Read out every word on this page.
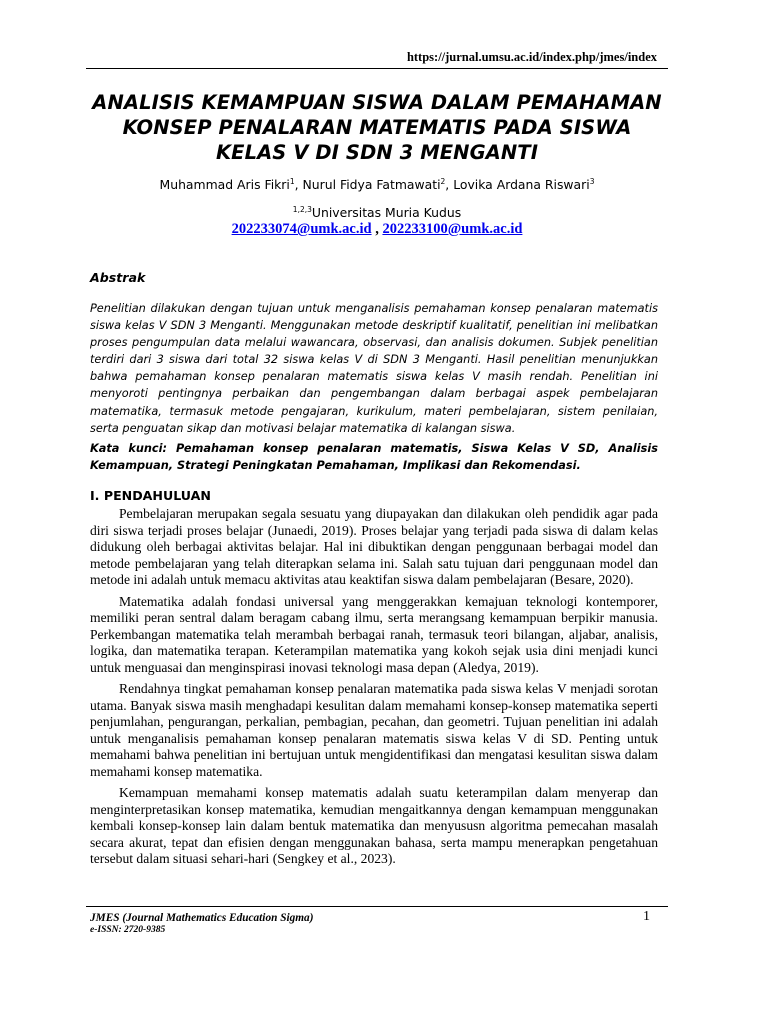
https://jurnal.umsu.ac.id/index.php/jmes/index
ANALISIS KEMAMPUAN SISWA DALAM PEMAHAMAN KONSEP PENALARAN MATEMATIS PADA SISWA KELAS V DI SDN 3 MENGANTI
Muhammad Aris Fikri$^1$, Nurul Fidya Fatmawati$^2$, Lovika Ardana Riswari$^3$
$^{1,2,3}$Universitas Muria Kudus
202233074@umk.ac.id , 202233100@umk.ac.id
Abstrak

Penelitian dilakukan dengan tujuan untuk menganalisis pemahaman konsep penalaran matematis siswa kelas V SDN 3 Menganti. Menggunakan metode deskriptif kualitatif, penelitian ini melibatkan proses pengumpulan data melalui wawancara, observasi, dan analisis dokumen. Subjek penelitian terdiri dari 3 siswa dari total 32 siswa kelas V di SDN 3 Menganti. Hasil penelitian menunjukkan bahwa pemahaman konsep penalaran matematis siswa kelas V masih rendah. Penelitian ini menyoroti pentingnya perbaikan dan pengembangan dalam berbagai aspek pembelajaran matematika, termasuk metode pengajaran, kurikulum, materi pembelajaran, sistem penilaian, serta penguatan sikap dan motivasi belajar matematika di kalangan siswa.

Kata kunci: Pemahaman konsep penalaran matematis, Siswa Kelas V SD, Analisis Kemampuan, Strategi Peningkatan Pemahaman, Implikasi dan Rekomendasi.

I. PENDAHULUAN

Pembelajaran merupakan segala sesuatu yang diupayakan dan dilakukan oleh pendidik agar pada diri siswa terjadi proses belajar (Junaedi, 2019). Proses belajar yang terjadi pada siswa di dalam kelas didukung oleh berbagai aktivitas belajar. Hal ini dibuktikan dengan penggunaan berbagai model dan metode pembelajaran yang telah diterapkan selama ini. Salah satu tujuan dari penggunaan model dan metode ini adalah untuk memacu aktivitas atau keaktifan siswa dalam pembelajaran (Besare, 2020).

Matematika adalah fondasi universal yang menggerakkan kemajuan teknologi kontemporer, memiliki peran sentral dalam beragam cabang ilmu, serta merangsang kemampuan berpikir manusia. Perkembangan matematika telah merambah berbagai ranah, termasuk teori bilangan, aljabar, analisis, logika, dan matematika terapan. Keterampilan matematika yang kokoh sejak usia dini menjadi kunci untuk menguasai dan menginspirasi inovasi teknologi masa depan (Aledya, 2019).

Rendahnya tingkat pemahaman konsep penalaran matematika pada siswa kelas V menjadi sorotan utama. Banyak siswa masih menghadapi kesulitan dalam memahami konsep-konsep matematika seperti penjumlahan, pengurangan, perkalian, pembagian, pecahan, dan geometri. Tujuan penelitian ini adalah untuk menganalisis pemahaman konsep penalaran matematis siswa kelas V di SD. Penting untuk memahami bahwa penelitian ini bertujuan untuk mengidentifikasi dan mengatasi kesulitan siswa dalam memahami konsep matematika.

Kemampuan memahami konsep matematis adalah suatu keterampilan dalam menyerap dan menginterpretasikan konsep matematika, kemudian mengaitkannya dengan kemampuan menggunakan kembali konsep-konsep lain dalam bentuk matematika dan menyususn algoritma pemecahan masalah secara akurat, tepat dan efisien dengan menggunakan bahasa, serta mampu menerapkan pengetahuan tersebut dalam situasi sehari-hari (Sengkey et al., 2023).

JMES (Journal Mathematics Education Sigma)
e-ISSN: 2720-9385
1
